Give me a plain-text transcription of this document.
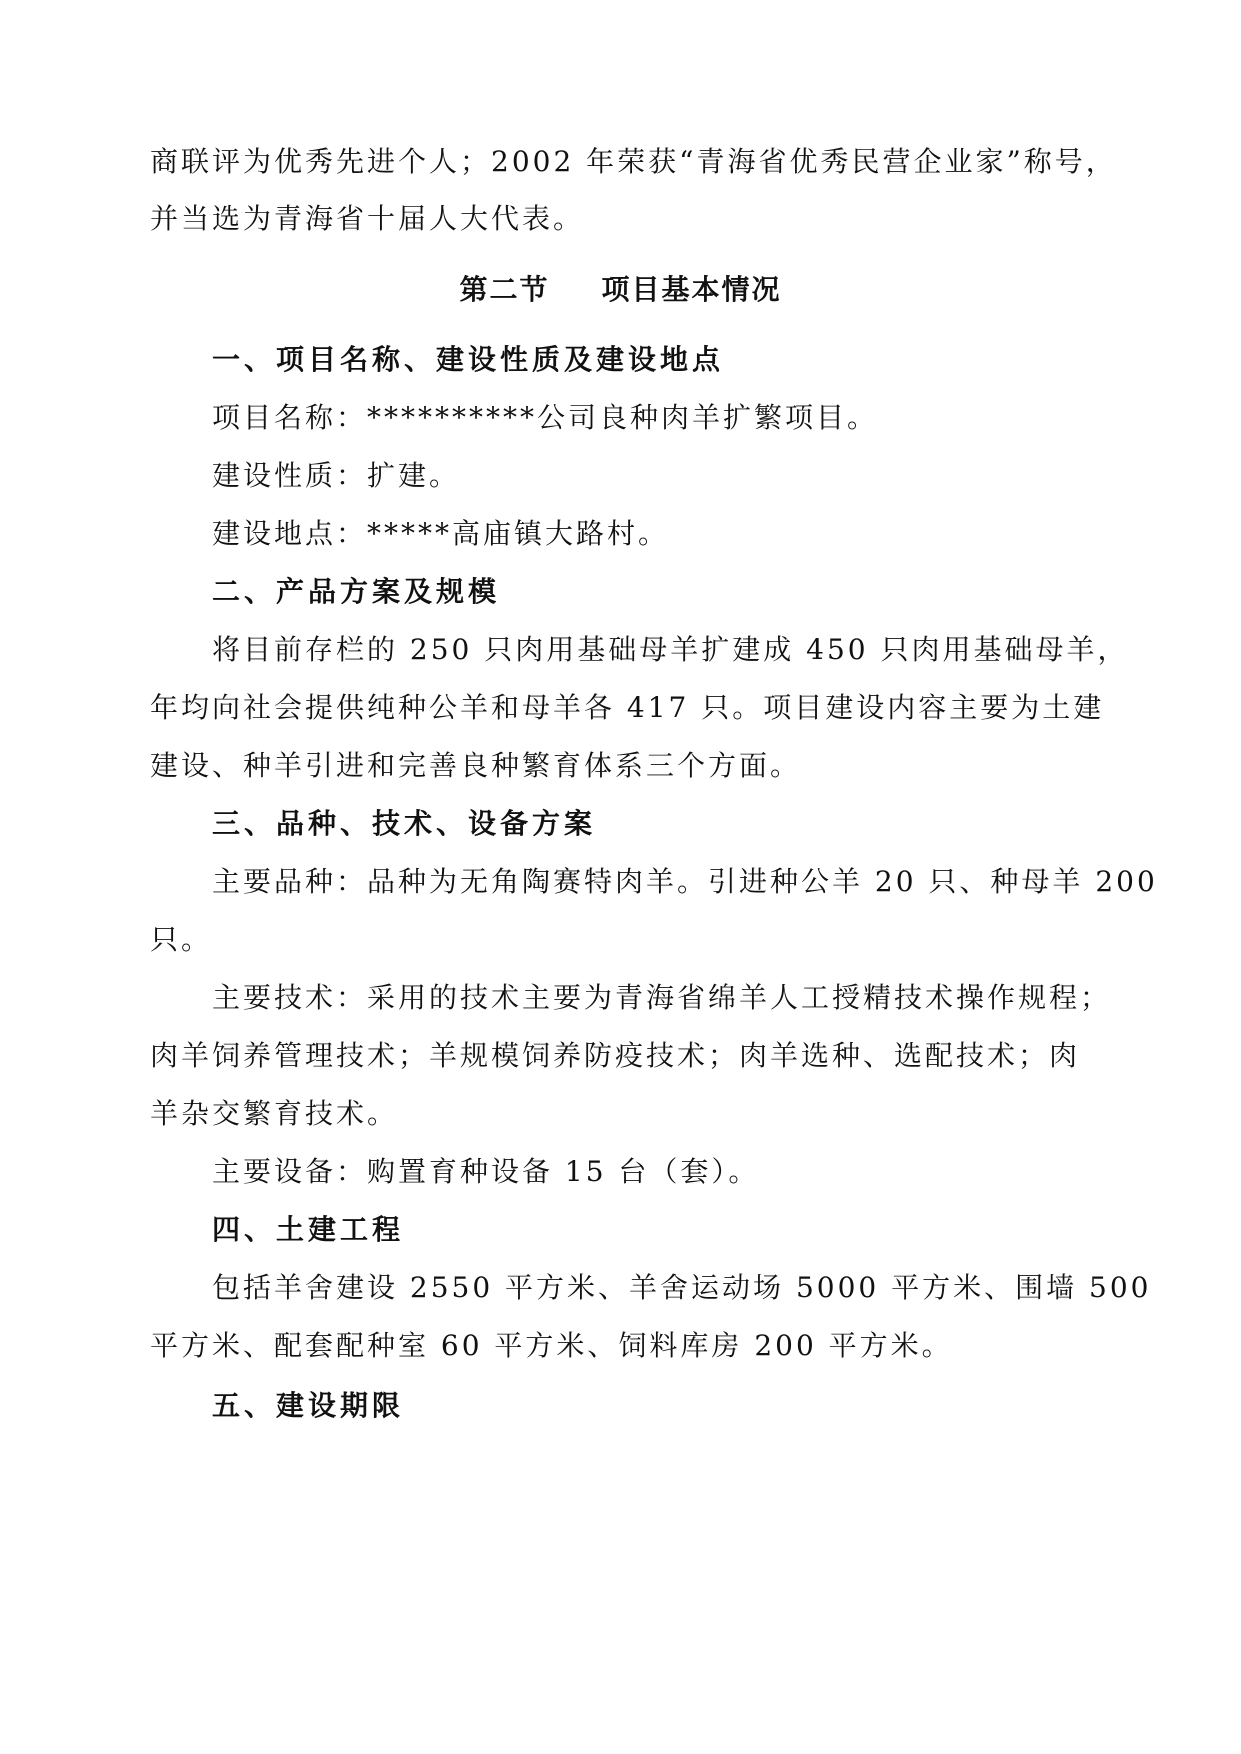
商联评为优秀先进个人；2002 年荣获“青海省优秀民营企业家”称号，
并当选为青海省十届人大代表。
第二节 项目基本情况
一、项目名称、建设性质及建设地点
项目名称：**********公司良种肉羊扩繁项目。
建设性质：扩建。
建设地点：*****高庙镇大路村。
二、产品方案及规模
将目前存栏的 250 只肉用基础母羊扩建成 450 只肉用基础母羊，
年均向社会提供纯种公羊和母羊各 417 只。项目建设内容主要为土建
建设、种羊引进和完善良种繁育体系三个方面。
三、品种、技术、设备方案
主要品种：品种为无角陶赛特肉羊。引进种公羊 20 只、种母羊 200
只。
主要技术：采用的技术主要为青海省绵羊人工授精技术操作规程；
肉羊饲养管理技术；羊规模饲养防疫技术；肉羊选种、选配技术；肉
羊杂交繁育技术。
主要设备：购置育种设备 15 台（套）。
四、土建工程
包括羊舍建设 2550 平方米、羊舍运动场 5000 平方米、围墙 500
平方米、配套配种室 60 平方米、饲料库房 200 平方米。
五、建设期限
